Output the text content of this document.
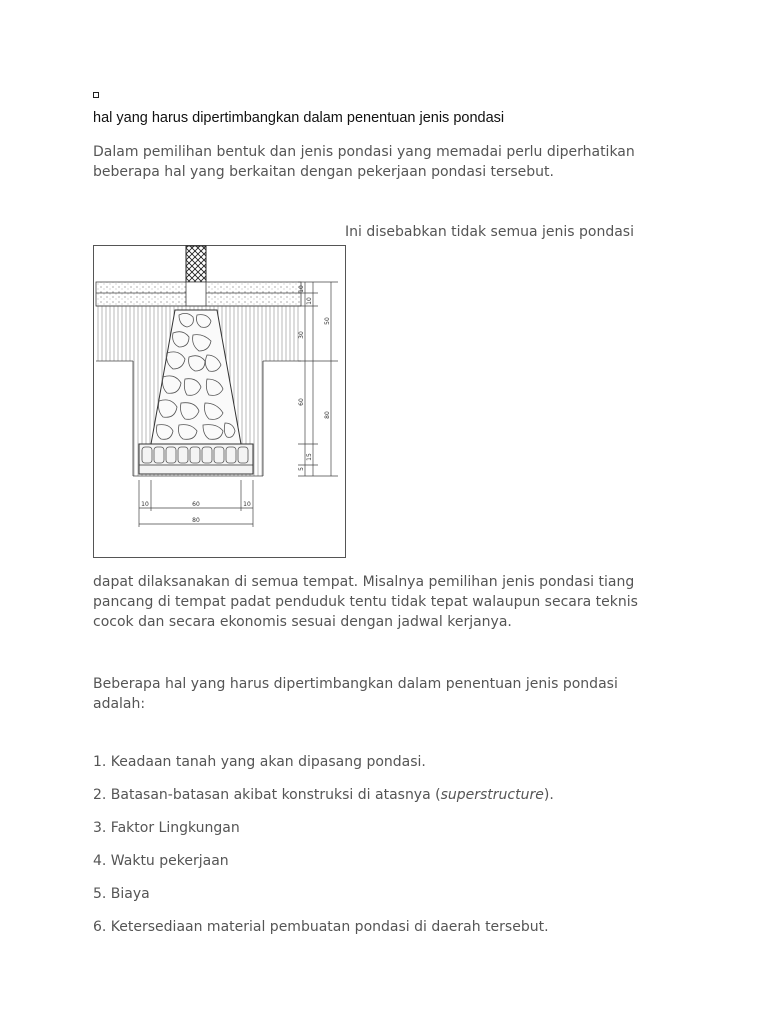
hal yang harus dipertimbangkan dalam penentuan jenis pondasi

Dalam pemilihan bentuk dan jenis pondasi yang memadai perlu diperhatikan beberapa hal yang berkaitan dengan pekerjaan pondasi tersebut.

Ini disebabkan tidak semua jenis pondasi

10
10
30
60
5
15
50
80
10	60	10
80

dapat dilaksanakan di semua tempat. Misalnya pemilihan jenis pondasi tiang pancang di tempat padat penduduk tentu tidak tepat walaupun secara teknis cocok dan secara ekonomis sesuai dengan jadwal kerjanya.

Beberapa hal yang harus dipertimbangkan dalam penentuan jenis pondasi adalah:

1. Keadaan tanah yang akan dipasang pondasi.
2. Batasan-batasan akibat konstruksi di atasnya (superstructure).
3. Faktor Lingkungan
4. Waktu pekerjaan
5. Biaya
6. Ketersediaan material pembuatan pondasi di daerah tersebut.
